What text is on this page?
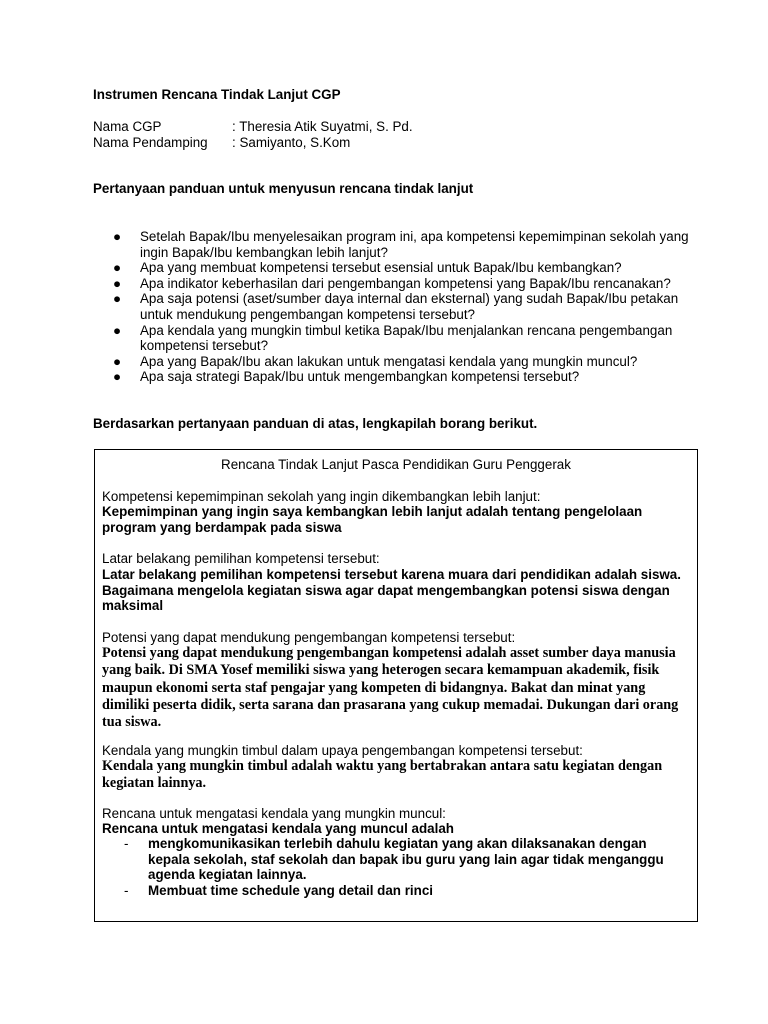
Instrumen Rencana Tindak Lanjut CGP
Nama CGP	: Theresia Atik Suyatmi, S. Pd.
Nama Pendamping : Samiyanto, S.Kom
Pertanyaan panduan untuk menyusun rencana tindak lanjut
● Setelah Bapak/Ibu menyelesaikan program ini, apa kompetensi kepemimpinan sekolah yang ingin Bapak/Ibu kembangkan lebih lanjut?
● Apa yang membuat kompetensi tersebut esensial untuk Bapak/Ibu kembangkan?
● Apa indikator keberhasilan dari pengembangan kompetensi yang Bapak/Ibu rencanakan?
● Apa saja potensi (aset/sumber daya internal dan eksternal) yang sudah Bapak/Ibu petakan untuk mendukung pengembangan kompetensi tersebut?
● Apa kendala yang mungkin timbul ketika Bapak/Ibu menjalankan rencana pengembangan kompetensi tersebut?
● Apa yang Bapak/Ibu akan lakukan untuk mengatasi kendala yang mungkin muncul?
● Apa saja strategi Bapak/Ibu untuk mengembangkan kompetensi tersebut?
Berdasarkan pertanyaan panduan di atas, lengkapilah borang berikut.
Rencana Tindak Lanjut Pasca Pendidikan Guru Penggerak
Kompetensi kepemimpinan sekolah yang ingin dikembangkan lebih lanjut:
Kepemimpinan yang ingin saya kembangkan lebih lanjut adalah tentang pengelolaan program yang berdampak pada siswa
Latar belakang pemilihan kompetensi tersebut:
Latar belakang pemilihan kompetensi tersebut karena muara dari pendidikan adalah siswa. Bagaimana mengelola kegiatan siswa agar dapat mengembangkan potensi siswa dengan maksimal
Potensi yang dapat mendukung pengembangan kompetensi tersebut:
Potensi yang dapat mendukung pengembangan kompetensi adalah asset sumber daya manusia yang baik. Di SMA Yosef memiliki siswa yang heterogen secara kemampuan akademik, fisik maupun ekonomi serta staf pengajar yang kompeten di bidangnya. Bakat dan minat yang dimiliki peserta didik, serta sarana dan prasarana yang cukup memadai. Dukungan dari orang tua siswa.
Kendala yang mungkin timbul dalam upaya pengembangan kompetensi tersebut:
Kendala yang mungkin timbul adalah waktu yang bertabrakan antara satu kegiatan dengan kegiatan lainnya.
Rencana untuk mengatasi kendala yang mungkin muncul:
Rencana untuk mengatasi kendala yang muncul adalah
- mengkomunikasikan terlebih dahulu kegiatan yang akan dilaksanakan dengan kepala sekolah, staf sekolah dan bapak ibu guru yang lain agar tidak menganggu agenda kegiatan lainnya.
- Membuat time schedule yang detail dan rinci
